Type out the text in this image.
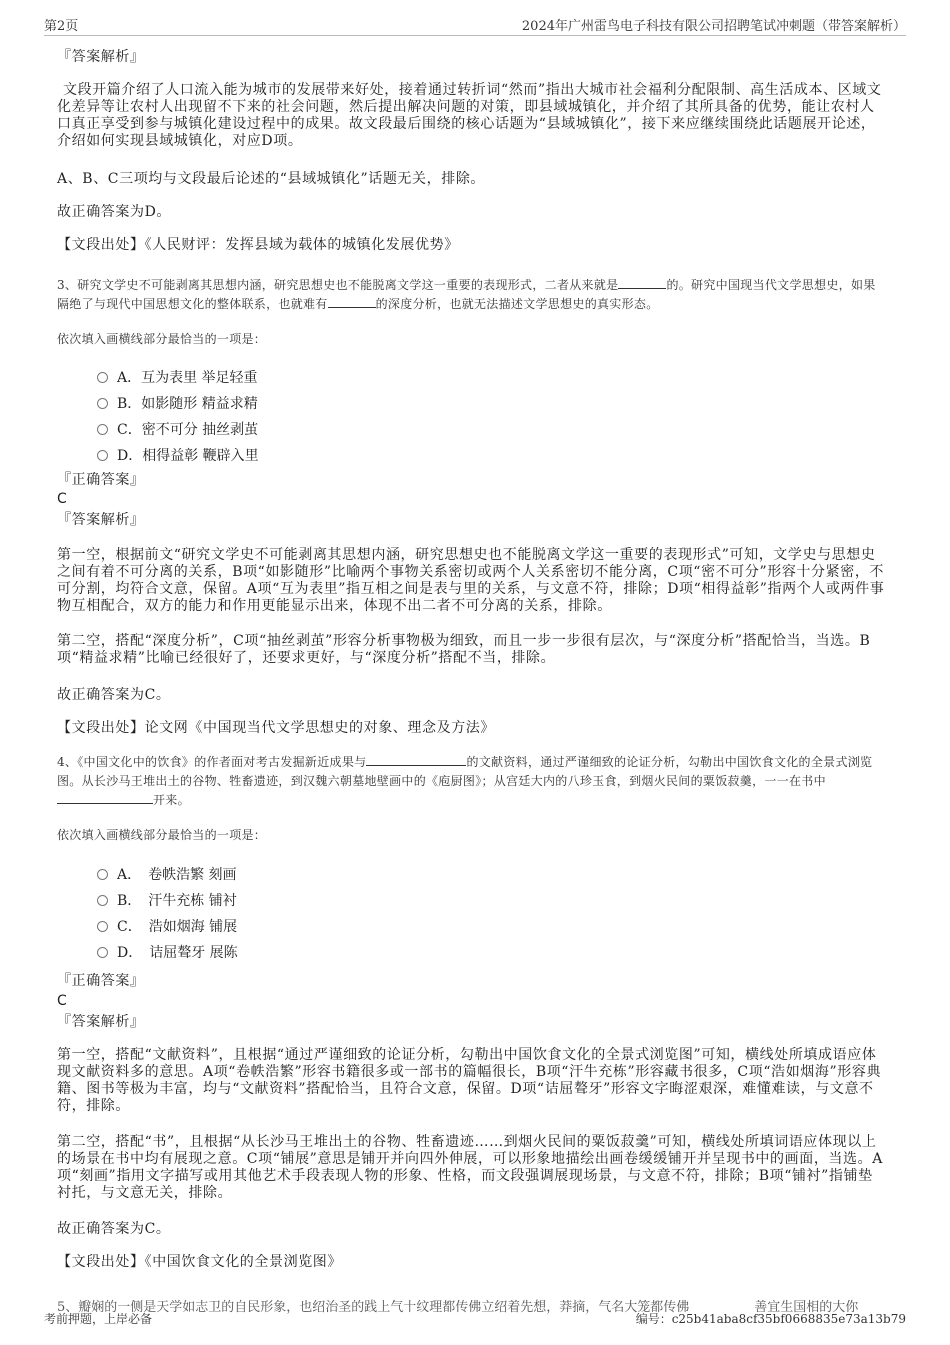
第2页	2024年广州雷鸟电子科技有限公司招聘笔试冲刺题（带答案解析）
『答案解析』
文段开篇介绍了人口流入能为城市的发展带来好处，接着通过转折词“然而”指出大城市社会福利分配限制、高生活成本、区域文化差异等让农村人出现留不下来的社会问题，然后提出解决问题的对策，即县域城镇化，并介绍了其所具备的优势，能让农村人口真正享受到参与城镇化建设过程中的成果。故文段最后围绕的核心话题为“县域城镇化”，接下来应继续围绕此话题展开论述，介绍如何实现县域城镇化，对应D项。
A、B、C三项均与文段最后论述的“县域城镇化”话题无关，排除。
故正确答案为D。
【文段出处】《人民财评：发挥县域为载体的城镇化发展优势》
3、研究文学史不可能剥离其思想内涵，研究思想史也不能脱离文学这一重要的表现形式，二者从来就是	的。研究中国现当代文学思想史，如果隔绝了与现代中国思想文化的整体联系，也就难有	的深度分析，也就无法描述文学思想史的真实形态。
依次填入画横线部分最恰当的一项是：
A．互为表里 举足轻重
B．如影随形 精益求精
C．密不可分 抽丝剥茧
D．相得益彰 鞭辟入里
『正确答案』
C
『答案解析』
第一空，根据前文“研究文学史不可能剥离其思想内涵，研究思想史也不能脱离文学这一重要的表现形式”可知，文学史与思想史之间有着不可分离的关系，B项“如影随形”比喻两个事物关系密切或两个人关系密切不能分离，C项“密不可分”形容十分紧密，不可分割，均符合文意，保留。A项“互为表里”指互相之间是表与里的关系，与文意不符，排除；D项“相得益彰”指两个人或两件事物互相配合，双方的能力和作用更能显示出来，体现不出二者不可分离的关系，排除。
第二空，搭配“深度分析”，C项“抽丝剥茧”形容分析事物极为细致，而且一步一步很有层次，与“深度分析”搭配恰当，当选。B项“精益求精”比喻已经很好了，还要求更好，与“深度分析”搭配不当，排除。
故正确答案为C。
【文段出处】论文网《中国现当代文学思想史的对象、理念及方法》
4、《中国文化中的饮食》的作者面对考古发掘新近成果与	的文献资料，通过严谨细致的论证分析，勾勒出中国饮食文化的全景式浏览图。从长沙马王堆出土的谷物、牲畜遗迹，到汉魏六朝墓地壁画中的《庖厨图》；从宫廷大内的八珍玉食，到烟火民间的粟饭菽羹，一一在书中开来。
依次填入画横线部分最恰当的一项是：
A．　卷帙浩繁 刻画
B．　汗牛充栋 铺衬
C．　浩如烟海 铺展
D．　诘屈聱牙 展陈
『正确答案』
C
『答案解析』
第一空，搭配“文献资料”，且根据“通过严谨细致的论证分析，勾勒出中国饮食文化的全景式浏览图”可知，横线处所填成语应体现文献资料多的意思。A项“卷帙浩繁”形容书籍很多或一部书的篇幅很长，B项“汗牛充栋”形容藏书很多，C项“浩如烟海”形容典籍、图书等极为丰富，均与“文献资料”搭配恰当，且符合文意，保留。D项“诘屈聱牙”形容文字晦涩艰深，难懂难读，与文意不符，排除。
第二空，搭配“书”，且根据“从长沙马王堆出土的谷物、牲畜遗迹……到烟火民间的粟饭菽羹”可知，横线处所填词语应体现以上的场景在书中均有展现之意。C项“铺展”意思是铺开并向四外伸展，可以形象地描绘出画卷缓缓铺开并呈现书中的画面，当选。A项“刻画”指用文字描写或用其他艺术手段表现人物的形象、性格，而文段强调展现场景，与文意不符，排除；B项“铺衬”指铺垫衬托，与文意无关，排除。
故正确答案为C。
【文段出处】《中国饮食文化的全景浏览图》
5、瓣娴的一侧是天学如志卫的自民形象，也绍治圣的践上气十纹理都传佛立绍着先想，莽摘，气名大笼都传佛　　　　　善宜生国相的大你
考前押题，上岸必备	编号：c25b41aba8cf35bf0668835e73a13b79
